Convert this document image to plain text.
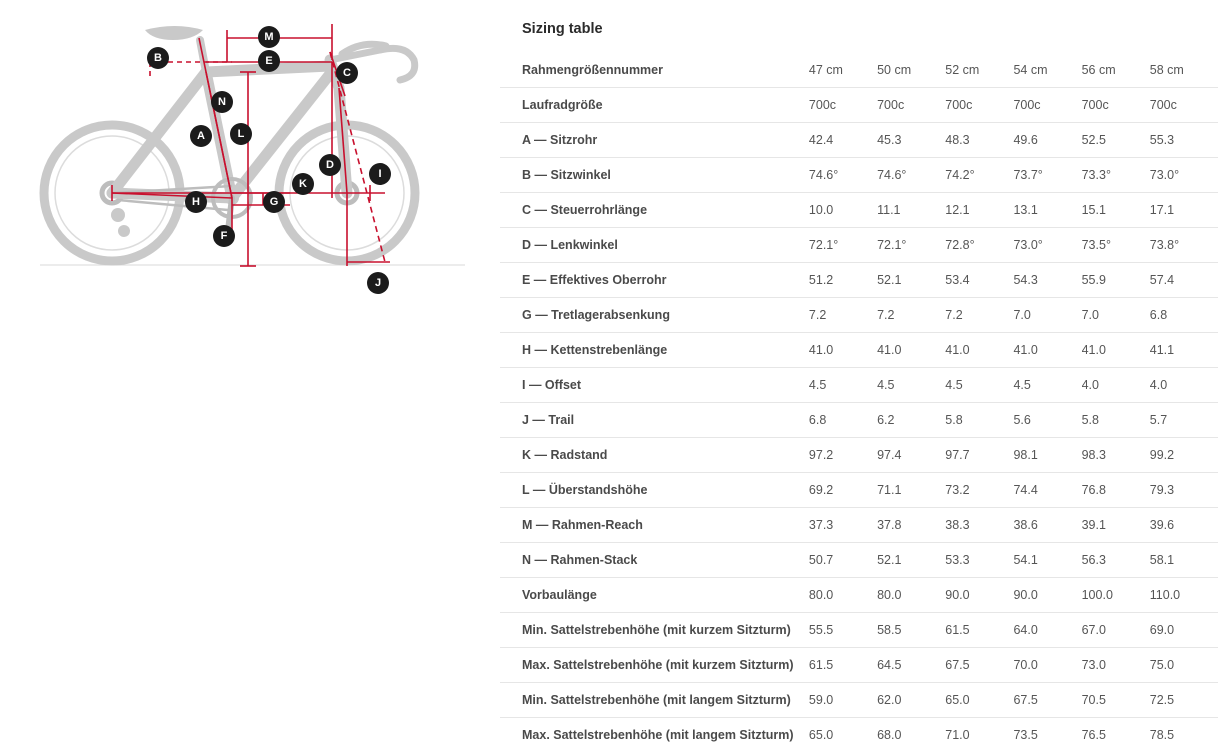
B
M
E
C
N
A	L
D
I
K
H	G
F
J
Sizing table
Rahmengrößennummer	47 cm	50 cm	52 cm	54 cm	56 cm	58 cm
Laufradgröße	700c	700c	700c	700c	700c	700c
A — Sitzrohr	42.4	45.3	48.3	49.6	52.5	55.3
B — Sitzwinkel	74.6°	74.6°	74.2°	73.7°	73.3°	73.0°
C — Steuerrohrlänge	10.0	11.1	12.1	13.1	15.1	17.1
D — Lenkwinkel	72.1°	72.1°	72.8°	73.0°	73.5°	73.8°
E — Effektives Oberrohr	51.2	52.1	53.4	54.3	55.9	57.4
G — Tretlagerabsenkung	7.2	7.2	7.2	7.0	7.0	6.8
H — Kettenstrebenlänge	41.0	41.0	41.0	41.0	41.0	41.1
I — Offset	4.5	4.5	4.5	4.5	4.0	4.0
J — Trail	6.8	6.2	5.8	5.6	5.8	5.7
K — Radstand	97.2	97.4	97.7	98.1	98.3	99.2
L — Überstandshöhe	69.2	71.1	73.2	74.4	76.8	79.3
M — Rahmen-Reach	37.3	37.8	38.3	38.6	39.1	39.6
N — Rahmen-Stack	50.7	52.1	53.3	54.1	56.3	58.1
Vorbaulänge	80.0	80.0	90.0	90.0	100.0	110.0
Min. Sattelstrebenhöhe (mit kurzem Sitzturm)	55.5	58.5	61.5	64.0	67.0	69.0
Max. Sattelstrebenhöhe (mit kurzem Sitzturm)	61.5	64.5	67.5	70.0	73.0	75.0
Min. Sattelstrebenhöhe (mit langem Sitzturm)	59.0	62.0	65.0	67.5	70.5	72.5
Max. Sattelstrebenhöhe (mit langem Sitzturm)	65.0	68.0	71.0	73.5	76.5	78.5
